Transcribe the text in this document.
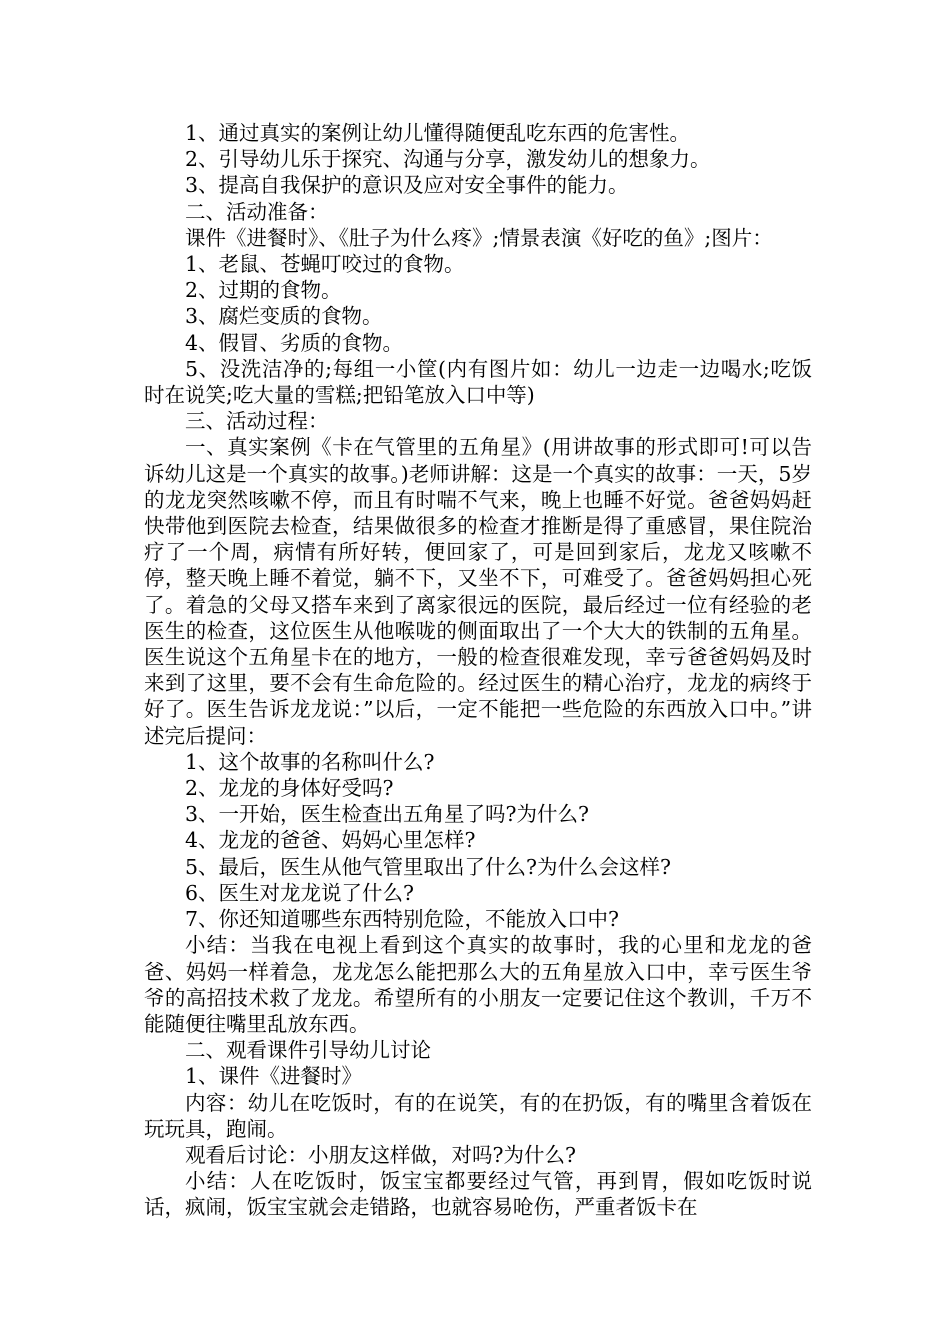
1、通过真实的案例让幼儿懂得随便乱吃东西的危害性。

2、引导幼儿乐于探究、沟通与分享，激发幼儿的想象力。

3、提高自我保护的意识及应对安全事件的能力。

二、活动准备：

课件《进餐时》、《肚子为什么疼》;情景表演《好吃的鱼》;图片：

1、老鼠、苍蝇叮咬过的食物。

2、过期的食物。

3、腐烂变质的食物。

4、假冒、劣质的食物。

5、没洗洁净的;每组一小筐(内有图片如：幼儿一边走一边喝水;吃饭时在说笑;吃大量的雪糕;把铅笔放入口中等)

三、活动过程：

一、真实案例《卡在气管里的五角星》(用讲故事的形式即可!可以告诉幼儿这是一个真实的故事。)老师讲解：这是一个真实的故事：一天，5岁的龙龙突然咳嗽不停，而且有时喘不气来，晚上也睡不好觉。爸爸妈妈赶快带他到医院去检查，结果做很多的检查才推断是得了重感冒，果住院治疗了一个周，病情有所好转，便回家了，可是回到家后，龙龙又咳嗽不停，整天晚上睡不着觉，躺不下，又坐不下，可难受了。爸爸妈妈担心死了。着急的父母又搭车来到了离家很远的医院，最后经过一位有经验的老医生的检查，这位医生从他喉咙的侧面取出了一个大大的铁制的五角星。医生说这个五角星卡在的地方，一般的检查很难发现，幸亏爸爸妈妈及时来到了这里，要不会有生命危险的。经过医生的精心治疗，龙龙的病终于好了。医生告诉龙龙说：”以后，一定不能把一些危险的东西放入口中。”讲述完后提问：

1、这个故事的名称叫什么?

2、龙龙的身体好受吗?

3、一开始，医生检查出五角星了吗?为什么?

4、龙龙的爸爸、妈妈心里怎样?

5、最后，医生从他气管里取出了什么?为什么会这样?

6、医生对龙龙说了什么?

7、你还知道哪些东西特别危险，不能放入口中?

小结：当我在电视上看到这个真实的故事时，我的心里和龙龙的爸爸、妈妈一样着急，龙龙怎么能把那么大的五角星放入口中，幸亏医生爷爷的高招技术救了龙龙。希望所有的小朋友一定要记住这个教训，千万不能随便往嘴里乱放东西。

二、观看课件引导幼儿讨论

1、课件《进餐时》

内容：幼儿在吃饭时，有的在说笑，有的在扔饭，有的嘴里含着饭在玩玩具，跑闹。

观看后讨论：小朋友这样做，对吗?为什么?

小结：人在吃饭时，饭宝宝都要经过气管，再到胃，假如吃饭时说话，疯闹，饭宝宝就会走错路，也就容易呛伤，严重者饭卡在
